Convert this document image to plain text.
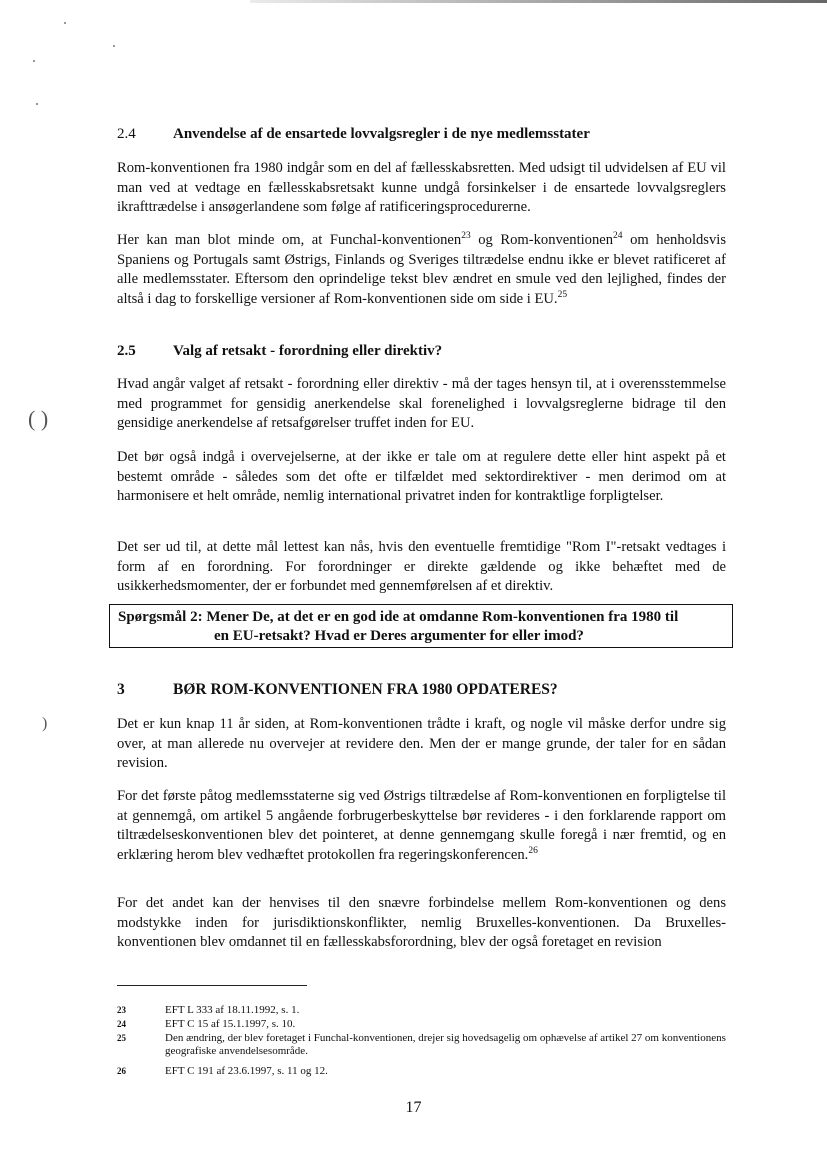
( )
)
2.4 Anvendelse af de ensartede lovvalgsregler i de nye medlemsstater
Rom-konventionen fra 1980 indgår som en del af fællesskabsretten. Med udsigt til udvidelsen af EU vil man ved at vedtage en fællesskabsretsakt kunne undgå forsinkelser i de ensartede lovvalgsreglers ikrafttrædelse i ansøgerlandene som følge af ratificeringsprocedurerne.
Her kan man blot minde om, at Funchal-konventionen$^{23}$ og Rom-konventionen$^{24}$ om henholdsvis Spaniens og Portugals samt Østrigs, Finlands og Sveriges tiltrædelse endnu ikke er blevet ratificeret af alle medlemsstater. Eftersom den oprindelige tekst blev ændret en smule ved den lejlighed, findes der altså i dag to forskellige versioner af Rom-konventionen side om side i EU.$^{25}$
2.5 Valg af retsakt - forordning eller direktiv?
Hvad angår valget af retsakt - forordning eller direktiv - må der tages hensyn til, at i overensstemmelse med programmet for gensidig anerkendelse skal forenelighed i lovvalgsreglerne bidrage til den gensidige anerkendelse af retsafgørelser truffet inden for EU.
Det bør også indgå i overvejelserne, at der ikke er tale om at regulere dette eller hint aspekt på et bestemt område - således som det ofte er tilfældet med sektordirektiver - men derimod om at harmonisere et helt område, nemlig international privatret inden for kontraktlige forpligtelser.
Det ser ud til, at dette mål lettest kan nås, hvis den eventuelle fremtidige "Rom I"-retsakt vedtages i form af en forordning. For forordninger er direkte gældende og ikke behæftet med de usikkerhedsmomenter, der er forbundet med gennemførelsen af et direktiv.
Spørgsmål 2: Mener De, at det er en god ide at omdanne Rom-konventionen fra 1980 til
en EU-retsakt? Hvad er Deres argumenter for eller imod?
3	BØR ROM-KONVENTIONEN FRA 1980 OPDATERES?
Det er kun knap 11 år siden, at Rom-konventionen trådte i kraft, og nogle vil måske derfor undre sig over, at man allerede nu overvejer at revidere den. Men der er mange grunde, der taler for en sådan revision.
For det første påtog medlemsstaterne sig ved Østrigs tiltrædelse af Rom-konventionen en forpligtelse til at gennemgå, om artikel 5 angående forbrugerbeskyttelse bør revideres - i den forklarende rapport om tiltrædelseskonventionen blev det pointeret, at denne gennemgang skulle foregå i nær fremtid, og en erklæring herom blev vedhæftet protokollen fra regeringskonferencen.$^{26}$
For det andet kan der henvises til den snævre forbindelse mellem Rom-konventionen og dens modstykke inden for jurisdiktionskonflikter, nemlig Bruxelles-konventionen. Da Bruxelles-konventionen blev omdannet til en fællesskabsforordning, blev der også foretaget en revision
23	EFT L 333 af 18.11.1992, s. 1.
24	EFT C 15 af 15.1.1997, s. 10.
25	Den ændring, der blev foretaget i Funchal-konventionen, drejer sig hovedsagelig om ophævelse af artikel 27 om konventionens geografiske anvendelsesområde.
26	EFT C 191 af 23.6.1997, s. 11 og 12.
17
